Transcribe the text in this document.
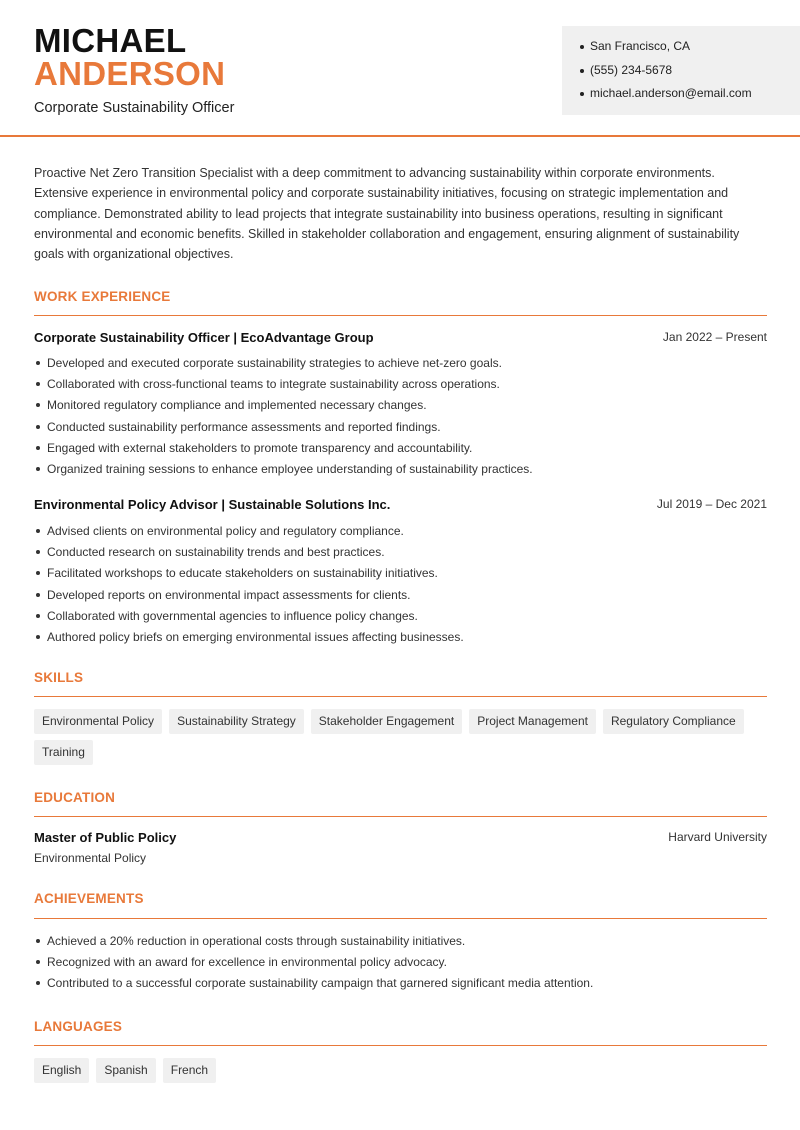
MICHAEL
ANDERSON
Corporate Sustainability Officer
San Francisco, CA
(555) 234-5678
michael.anderson@email.com

Proactive Net Zero Transition Specialist with a deep commitment to advancing sustainability within corporate environments. Extensive experience in environmental policy and corporate sustainability initiatives, focusing on strategic implementation and compliance. Demonstrated ability to lead projects that integrate sustainability into business operations, resulting in significant environmental and economic benefits. Skilled in stakeholder collaboration and engagement, ensuring alignment of sustainability goals with organizational objectives.

WORK EXPERIENCE
Corporate Sustainability Officer | EcoAdvantage Group	Jan 2022 – Present
Developed and executed corporate sustainability strategies to achieve net-zero goals.
Collaborated with cross-functional teams to integrate sustainability across operations.
Monitored regulatory compliance and implemented necessary changes.
Conducted sustainability performance assessments and reported findings.
Engaged with external stakeholders to promote transparency and accountability.
Organized training sessions to enhance employee understanding of sustainability practices.
Environmental Policy Advisor | Sustainable Solutions Inc.	Jul 2019 – Dec 2021
Advised clients on environmental policy and regulatory compliance.
Conducted research on sustainability trends and best practices.
Facilitated workshops to educate stakeholders on sustainability initiatives.
Developed reports on environmental impact assessments for clients.
Collaborated with governmental agencies to influence policy changes.
Authored policy briefs on emerging environmental issues affecting businesses.
SKILLS
Environmental Policy	Sustainability Strategy	Stakeholder Engagement	Project Management	Regulatory Compliance
Training
EDUCATION
Master of Public Policy	Harvard University
Environmental Policy
ACHIEVEMENTS
Achieved a 20% reduction in operational costs through sustainability initiatives.
Recognized with an award for excellence in environmental policy advocacy.
Contributed to a successful corporate sustainability campaign that garnered significant media attention.
LANGUAGES
English	Spanish	French
